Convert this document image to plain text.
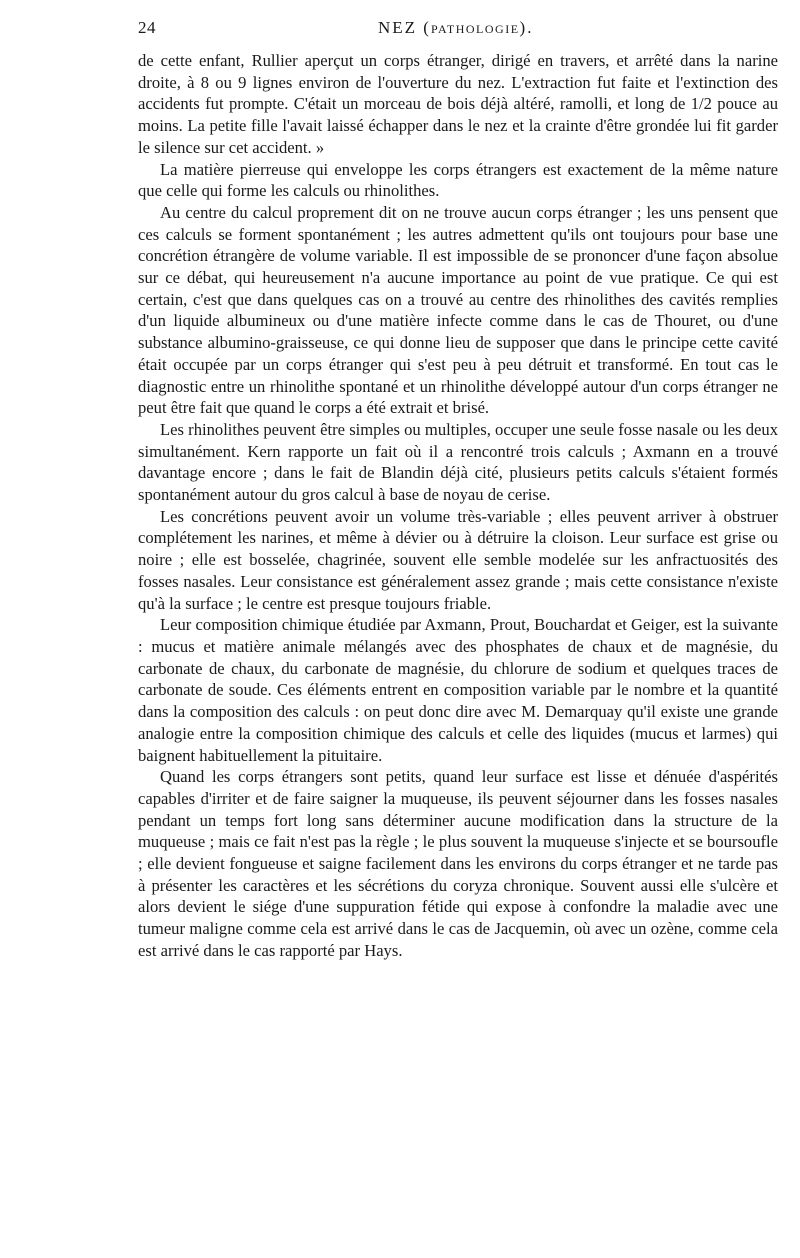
24	NEZ (PATHOLOGIE).

de cette enfant, Rullier aperçut un corps étranger, dirigé en travers, et arrêté dans la narine droite, à 8 ou 9 lignes environ de l'ouverture du nez. L'extraction fut faite et l'extinction des accidents fut prompte. C'était un morceau de bois déjà altéré, ramolli, et long de 1/2 pouce au moins. La petite fille l'avait laissé échapper dans le nez et la crainte d'être grondée lui fit garder le silence sur cet accident. »

La matière pierreuse qui enveloppe les corps étrangers est exactement de la même nature que celle qui forme les calculs ou rhinolithes.

Au centre du calcul proprement dit on ne trouve aucun corps étranger ; les uns pensent que ces calculs se forment spontanément ; les autres admettent qu'ils ont toujours pour base une concrétion étrangère de volume variable. Il est impossible de se prononcer d'une façon absolue sur ce débat, qui heureusement n'a aucune importance au point de vue pratique. Ce qui est certain, c'est que dans quelques cas on a trouvé au centre des rhinolithes des cavités remplies d'un liquide albumineux ou d'une matière infecte comme dans le cas de Thouret, ou d'une substance albumino-graisseuse, ce qui donne lieu de supposer que dans le principe cette cavité était occupée par un corps étranger qui s'est peu à peu détruit et transformé. En tout cas le diagnostic entre un rhinolithe spontané et un rhinolithe développé autour d'un corps étranger ne peut être fait que quand le corps a été extrait et brisé.

Les rhinolithes peuvent être simples ou multiples, occuper une seule fosse nasale ou les deux simultanément. Kern rapporte un fait où il a rencontré trois calculs ; Axmann en a trouvé davantage encore ; dans le fait de Blandin déjà cité, plusieurs petits calculs s'étaient formés spontanément autour du gros calcul à base de noyau de cerise.

Les concrétions peuvent avoir un volume très-variable ; elles peuvent arriver à obstruer complétement les narines, et même à dévier ou à détruire la cloison. Leur surface est grise ou noire ; elle est bosselée, chagrinée, souvent elle semble modelée sur les anfractuosités des fosses nasales. Leur consistance est généralement assez grande ; mais cette consistance n'existe qu'à la surface ; le centre est presque toujours friable.

Leur composition chimique étudiée par Axmann, Prout, Bouchardat et Geiger, est la suivante : mucus et matière animale mélangés avec des phosphates de chaux et de magnésie, du carbonate de chaux, du carbonate de magnésie, du chlorure de sodium et quelques traces de carbonate de soude. Ces éléments entrent en composition variable par le nombre et la quantité dans la composition des calculs : on peut donc dire avec M. Demarquay qu'il existe une grande analogie entre la composition chimique des calculs et celle des liquides (mucus et larmes) qui baignent habituellement la pituitaire.

Quand les corps étrangers sont petits, quand leur surface est lisse et dénuée d'aspérités capables d'irriter et de faire saigner la muqueuse, ils peuvent séjourner dans les fosses nasales pendant un temps fort long sans déterminer aucune modification dans la structure de la muqueuse ; mais ce fait n'est pas la règle ; le plus souvent la muqueuse s'injecte et se boursoufle ; elle devient fongueuse et saigne facilement dans les environs du corps étranger et ne tarde pas à présenter les caractères et les sécrétions du coryza chronique. Souvent aussi elle s'ulcère et alors devient le siége d'une suppuration fétide qui expose à confondre la maladie avec une tumeur maligne comme cela est arrivé dans le cas de Jacquemin, où avec un ozène, comme cela est arrivé dans le cas rapporté par Hays.
